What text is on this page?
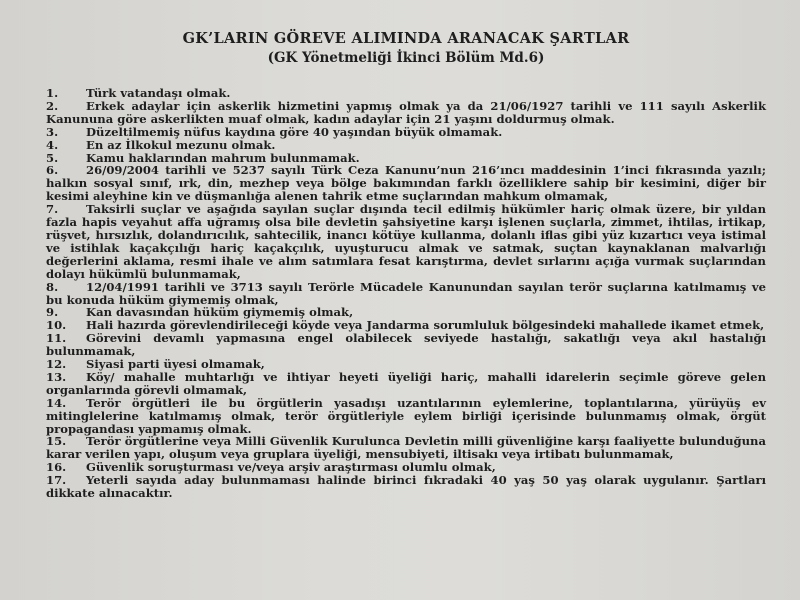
GK’LARIN GÖREVE ALIMINDA ARANACAK ŞARTLAR
(GK Yönetmeliği İkinci Bölüm Md.6)
1. Türk vatandaşı olmak.
2. Erkek adaylar için askerlik hizmetini yapmış olmak ya da 21/06/1927 tarihli ve 111 sayılı Askerlik Kanununa göre askerlikten muaf olmak, kadın adaylar için 21 yaşını doldurmuş olmak.
3. Düzeltilmemiş nüfus kaydına göre 40 yaşından büyük olmamak.
4. En az İlkokul mezunu olmak.
5. Kamu haklarından mahrum bulunmamak.
6. 26/09/2004 tarihli ve 5237 sayılı Türk Ceza Kanunu’nun 216’ıncı maddesinin 1’inci fıkrasında yazılı; halkın sosyal sınıf, ırk, din, mezhep veya bölge bakımından farklı özelliklere sahip bir kesimini, diğer bir kesimi aleyhine kin ve düşmanlığa alenen tahrik etme suçlarından mahkum olmamak,
7. Taksirli suçlar ve aşağıda sayılan suçlar dışında tecil edilmiş hükümler hariç olmak üzere, bir yıldan fazla hapis veyahut affa uğramış olsa bile devletin şahsiyetine karşı işlenen suçlarla, zimmet, ihtilas, irtikap, rüşvet, hırsızlık, dolandırıcılık, sahtecilik, inancı kötüye kullanma, dolanlı iflas gibi yüz kızartıcı veya istimal ve istihlak kaçakçılığı hariç kaçakçılık, uyuşturucu almak ve satmak, suçtan kaynaklanan malvarlığı değerlerini aklama, resmi ihale ve alım satımlara fesat karıştırma, devlet sırlarını açığa vurmak suçlarından dolayı hükümlü bulunmamak,
8. 12/04/1991 tarihli ve 3713 sayılı Terörle Mücadele Kanunundan sayılan terör suçlarına katılmamış ve bu konuda hüküm giymemiş olmak,
9. Kan davasından hüküm giymemiş olmak,
10. Hali hazırda görevlendirileceği köyde veya Jandarma sorumluluk bölgesindeki mahallede ikamet etmek,
11. Görevini devamlı yapmasına engel olabilecek seviyede hastalığı, sakatlığı veya akıl hastalığı bulunmamak,
12. Siyasi parti üyesi olmamak,
13. Köy/ mahalle muhtarlığı ve ihtiyar heyeti üyeliği hariç, mahalli idarelerin seçimle göreve gelen organlarında görevli olmamak,
14. Terör örgütleri ile bu örgütlerin yasadışı uzantılarının eylemlerine, toplantılarına, yürüyüş ev mitinglelerine katılmamış olmak, terör örgütleriyle eylem birliği içerisinde bulunmamış olmak, örgüt propagandası yapmamış olmak.
15. Terör örgütlerine veya Milli Güvenlik Kurulunca Devletin milli güvenliğine karşı faaliyette bulunduğuna karar verilen yapı, oluşum veya gruplara üyeliği, mensubiyeti, iltisakı veya irtibatı bulunmamak,
16. Güvenlik soruşturması ve/veya arşiv araştırması olumlu olmak,
17. Yeterli sayıda aday bulunmaması halinde birinci fıkradaki 40 yaş 50 yaş olarak uygulanır. Şartları dikkate alınacaktır.
